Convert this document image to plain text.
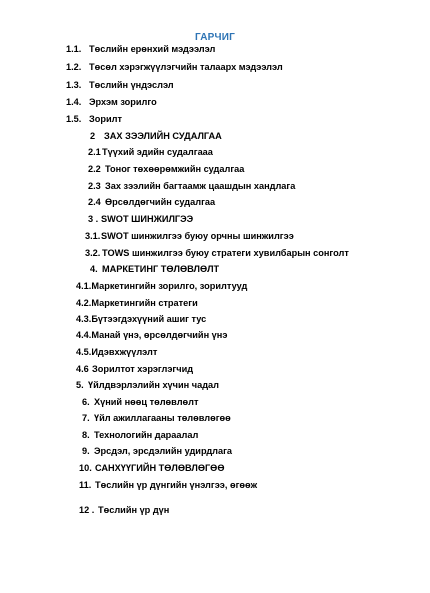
ГАРЧИГ
1.1. Төслийн ерөнхий мэдээлэл
1.2. Төсөл хэрэгжүүлэгчийн талаарх мэдээлэл
1.3. Төслийн үндэслэл
1.4. Эрхэм зорилго
1.5. Зорилт
2 ЗАХ ЗЭЭЛИЙН СУДАЛГАА
2.1Түүхий эдийн судалгааа
2.2 Тоног төхөөрөмжийн судалгаа
2.3 Зах зээлийн багтаамж цаашдын хандлага
2.4 Өрсөлдөгчийн судалгаа
3 . SWOT ШИНЖИЛГЭЭ
3.1.SWOT шинжилгээ буюу орчны шинжилгээ
3.2. TOWS шинжилгээ буюу стратеги хувилбарын сонголт
4. МАРКЕТИНГ ТӨЛӨВЛӨЛТ
4.1.Маркетингийн зорилго, зорилтууд
4.2.Маркетингийн стратеги
4.3.Бүтээгдэхүүний ашиг тус
4.4.Манай үнэ, өрсөлдөгчийн үнэ
4.5.Идэвхжүүлэлт
4.6 Зорилтот хэрэглэгчид
5. Үйлдвэрлэлийн хүчин чадал
6. Хүний нөөц төлөвлөлт
7. Үйл ажиллагааны төлөвлөгөө
8. Технологийн дараалал
9. Эрсдэл, эрсдэлийн удирдлага
10. САНХҮҮГИЙН ТӨЛӨВЛӨГӨӨ
11. Төслийн үр дүнгийн үнэлгээ, өгөөж
12 . Төслийн үр дүн
